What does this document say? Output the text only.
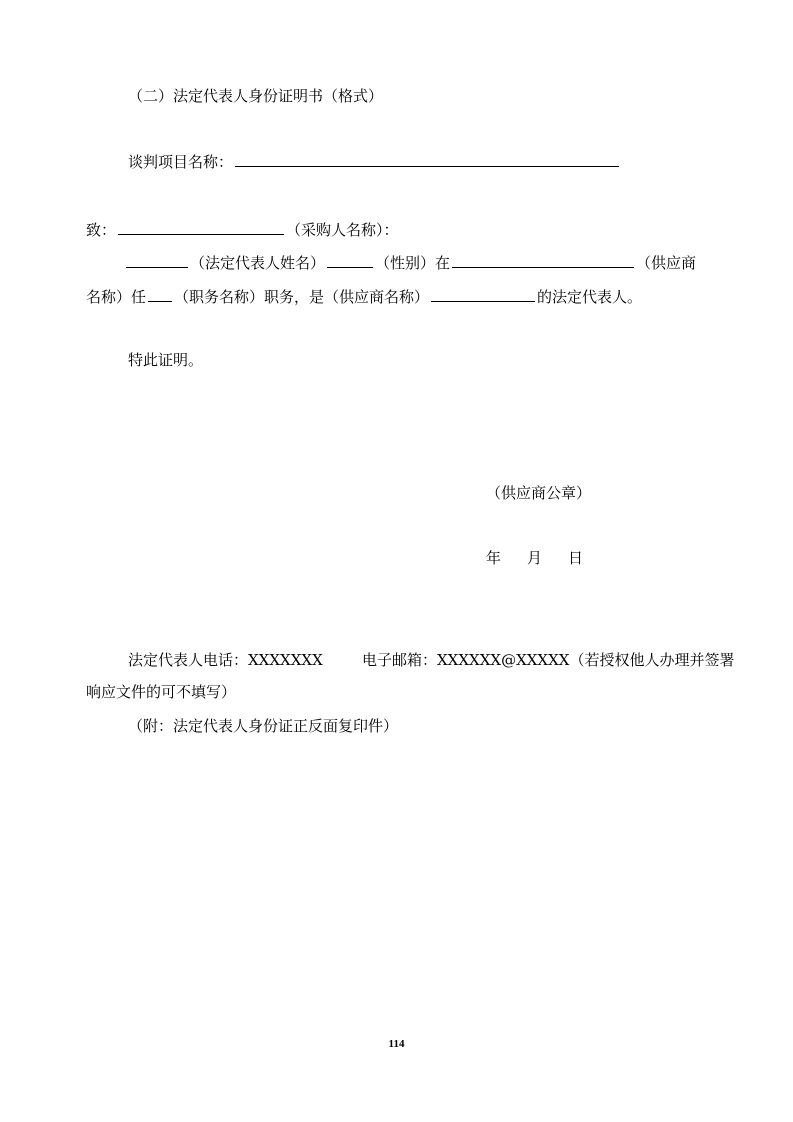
（二）法定代表人身份证明书（格式）
谈判项目名称：
致：	（采购人名称）：
（法定代表人姓名）	（性别）在	（供应商
名称）任 （职务名称）职务，是（供应商名称）	的法定代表人。
特此证明。
（供应商公章）
年 月 日
法定代表人电话：XXXXXXX	电子邮箱：XXXXXX@XXXXX（若授权他人办理并签署
响应文件的可不填写）
（附：法定代表人身份证正反面复印件）
114
